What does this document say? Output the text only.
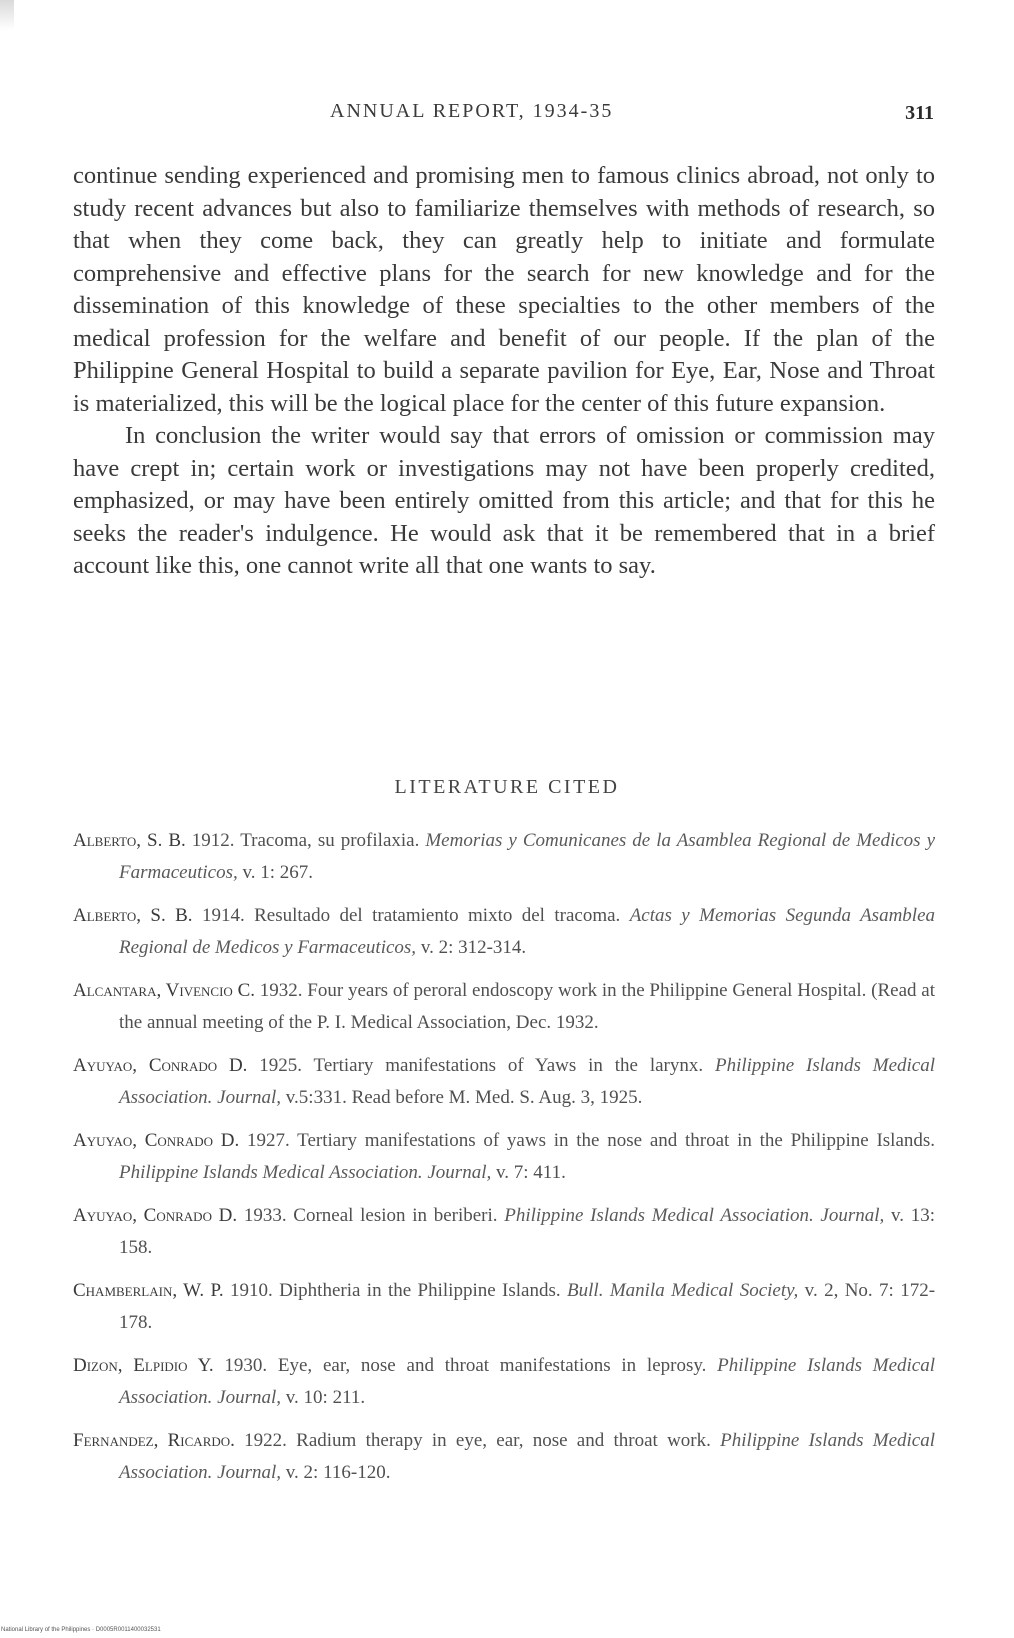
ANNUAL REPORT, 1934-35	311

continue sending experienced and promising men to famous clinics abroad, not only to study recent advances but also to familiarize themselves with methods of research, so that when they come back, they can greatly help to initiate and formulate comprehensive and effective plans for the search for new knowledge and for the dissemination of this knowledge of these specialties to the other members of the medical profession for the welfare and benefit of our people. If the plan of the Philippine General Hospital to build a separate pavilion for Eye, Ear, Nose and Throat is materialized, this will be the logical place for the center of this future expansion.

In conclusion the writer would say that errors of omission or commission may have crept in; certain work or investigations may not have been properly credited, emphasized, or may have been entirely omitted from this article; and that for this he seeks the reader's indulgence. He would ask that it be remembered that in a brief account like this, one cannot write all that one wants to say.

LITERATURE CITED

Alberto, S. B. 1912. Tracoma, su profilaxia. Memorias y Comunicanes de la Asamblea Regional de Medicos y Farmaceuticos, v. 1: 267.

Alberto, S. B. 1914. Resultado del tratamiento mixto del tracoma. Actas y Memorias Segunda Asamblea Regional de Medicos y Farmaceuticos, v. 2: 312-314.

Alcantara, Vivencio C. 1932. Four years of peroral endoscopy work in the Philippine General Hospital. (Read at the annual meeting of the P. I. Medical Association, Dec. 1932.

Ayuyao, Conrado D. 1925. Tertiary manifestations of Yaws in the larynx. Philippine Islands Medical Association. Journal, v.5:331. Read before M. Med. S. Aug. 3, 1925.

Ayuyao, Conrado D. 1927. Tertiary manifestations of yaws in the nose and throat in the Philippine Islands. Philippine Islands Medical Association. Journal, v. 7: 411.

Ayuyao, Conrado D. 1933. Corneal lesion in beriberi. Philippine Islands Medical Association. Journal, v. 13: 158.

Chamberlain, W. P. 1910. Diphtheria in the Philippine Islands. Bull. Manila Medical Society, v. 2, No. 7: 172-178.

Dizon, Elpidio Y. 1930. Eye, ear, nose and throat manifestations in leprosy. Philippine Islands Medical Association. Journal, v. 10: 211.

Fernandez, Ricardo. 1922. Radium therapy in eye, ear, nose and throat work. Philippine Islands Medical Association. Journal, v. 2: 116-120.

National Library of the Philippines · D0005R0011400032531
